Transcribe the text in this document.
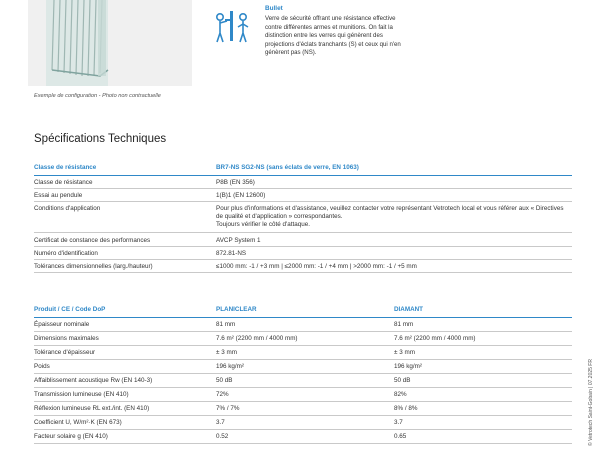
Exemple de configuration - Photo non contractuelle
Bullet
Verre de sécurité offrant une résistance effective
contre différentes armes et munitions. On fait la
distinction entre les verres qui génèrent des
projections d'éclats tranchants (S) et ceux qui n'en
génèrent pas (NS).
Spécifications Techniques
Classe de résistance	BR7-NS SG2-NS (sans éclats de verre, EN 1063)
Classe de résistance	P8B (EN 356)
Essai au pendule	1(B)1 (EN 12600)
Conditions d'application	Pour plus d'informations et d'assistance, veuillez contacter votre représentant Vetrotech local et vous référer aux « Directives de qualité et d'application » correspondantes.
Toujours vérifier le côté d'attaque.
Certificat de constance des performances	AVCP System 1
Numéro d'identification	872.81-NS
Tolérances dimensionnelles (larg./hauteur)	≤1000 mm: -1 / +3 mm | ≤2000 mm: -1 / +4 mm | >2000 mm: -1 / +5 mm
Produit / CE / Code DoP	PLANICLEAR	DIAMANT
Épaisseur nominale	81 mm	81 mm
Dimensions maximales	7.6 m² (2200 mm / 4000 mm)	7.6 m² (2200 mm / 4000 mm)
Tolérance d'épaisseur	± 3 mm	± 3 mm
Poids	196 kg/m²	196 kg/m²
Affaiblissement acoustique Rw (EN 140-3)	50 dB	50 dB
Transmission lumineuse (EN 410)	72%	82%
Réflexion lumineuse RL ext./int. (EN 410)	7% / 7%	8% / 8%
Coefficient U, W/m²·K (EN 673)	3.7	3.7
Facteur solaire g (EN 410)	0.52	0.65	© Vetrotech Saint-Gobain | 07.2025 FR
